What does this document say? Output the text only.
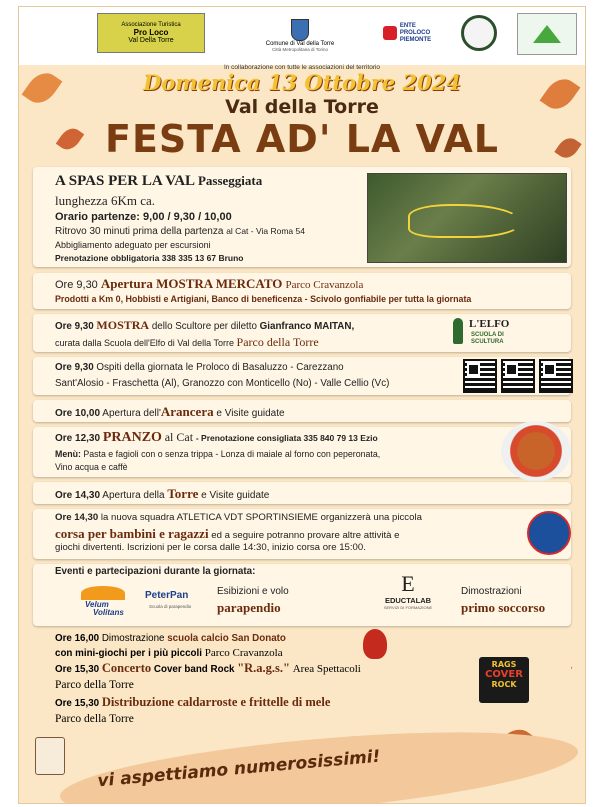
Associazione Turistica
Pro Loco
Val Della Torre	Comune di Val della Torre
Città Metropolitana di Torino
ENTE
PROLOCO
PIEMONTE
In collaborazione con tutte le associazioni del territorio
Domenica 13 Ottobre 2024
Val della Torre
FESTA AD' LA VAL
A SPAS PER LA VAL Passeggiata
lunghezza 6Km ca.
Orario partenze: 9,00 / 9,30 / 10,00
Ritrovo 30 minuti prima della partenza al Cat - Via Roma 54
Abbigliamento adeguato per escursioni
Prenotazione obbligatoria 338 335 13 67 Bruno
Ore 9,30 Apertura MOSTRA MERCATO Parco Cravanzola
Prodotti a Km 0, Hobbisti e Artigiani, Banco di beneficenza - Scivolo gonfiabile per tutta la giornata
Ore 9,30 MOSTRA dello Scultore per diletto Gianfranco MAITAN,
curata dalla Scuola dell'Elfo di Val della Torre Parco della Torre
L'ELFO
SCUOLA DI
SCULTURA
Ore 9,30 Ospiti della giornata le Proloco di Basaluzzo - Carezzano
Sant'Alosio - Fraschetta (Al), Granozzo con Monticello (No) - Valle Cellio (Vc)
Ore 10,00 Apertura dell'Arancera e Visite guidate
Ore 12,30 PRANZO al Cat - Prenotazione consigliata 335 840 79 13 Ezio
Menù: Pasta e fagioli con o senza trippa - Lonza di maiale al forno con peperonata,
Vino acqua e caffè
Ore 14,30 Apertura della Torre e Visite guidate
Ore 14,30 la nuova squadra ATLETICA VDT SPORTINSIEME organizzerà una piccola
corsa per bambini e ragazzi ed a seguire potranno provare altre attività e
giochi divertenti. Iscrizioni per le corsa dalle 14:30, inizio corsa ore 15:00.
Eventi e partecipazioni durante la giornata:
Velum
Volitans
PeterPan
Scuola di parapendio
Esibizioni e volo
parapendio
E
EDUCTALAB
SERVIZI DI FORMAZIONE
Dimostrazioni
primo soccorso
Ore 16,00 Dimostrazione scuola calcio San Donato
con mini-giochi per i più piccoli Parco Cravanzola
Ore 15,30 Concerto Cover band Rock "R.a.g.s." Area Spettacoli
Parco della Torre
Ore 15,30 Distribuzione caldarroste e frittelle di mele
Parco della Torre
RAGS
COVER
ROCK
vi aspettiamo numerosissimi!
